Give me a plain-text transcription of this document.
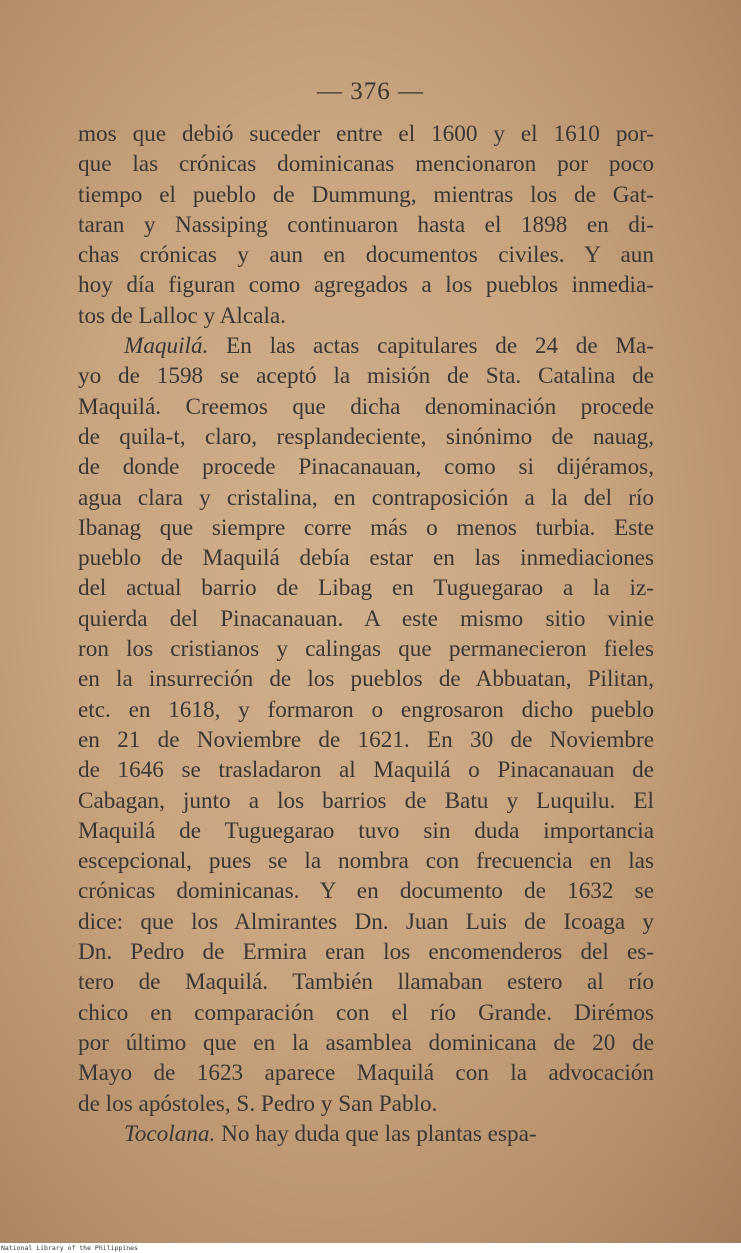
— 376 —
mos que debió suceder entre el 1600 y el 1610 por-
que las crónicas dominicanas mencionaron por poco
tiempo el pueblo de Dummung, mientras los de Gat-
taran y Nassiping continuaron hasta el 1898 en di-
chas crónicas y aun en documentos civiles. Y aun
hoy día figuran como agregados a los pueblos inmedia-
tos de Lalloc y Alcala.
Maquilá. En las actas capitulares de 24 de Ma-
yo de 1598 se aceptó la misión de Sta. Catalina de
Maquilá. Creemos que dicha denominación procede
de quila-t, claro, resplandeciente, sinónimo de nauag,
de donde procede Pinacanauan, como si dijéramos,
agua clara y cristalina, en contraposición a la del río
Ibanag que siempre corre más o menos turbia. Este
pueblo de Maquilá debía estar en las inmediaciones
del actual barrio de Libag en Tuguegarao a la iz-
quierda del Pinacanauan. A este mismo sitio vinie
ron los cristianos y calingas que permanecieron fieles
en la insurreción de los pueblos de Abbuatan, Pilitan,
etc. en 1618, y formaron o engrosaron dicho pueblo
en 21 de Noviembre de 1621. En 30 de Noviembre
de 1646 se trasladaron al Maquilá o Pinacanauan de
Cabagan, junto a los barrios de Batu y Luquilu. El
Maquilá de Tuguegarao tuvo sin duda importancia
escepcional, pues se la nombra con frecuencia en las
crónicas dominicanas. Y en documento de 1632 se
dice: que los Almirantes Dn. Juan Luis de Icoaga y
Dn. Pedro de Ermira eran los encomenderos del es-
tero de Maquilá. También llamaban estero al río
chico en comparación con el río Grande. Dirémos
por último que en la asamblea dominicana de 20 de
Mayo de 1623 aparece Maquilá con la advocación
de los apóstoles, S. Pedro y San Pablo.
Tocolana. No hay duda que las plantas espa-
National Library of the Philippines
